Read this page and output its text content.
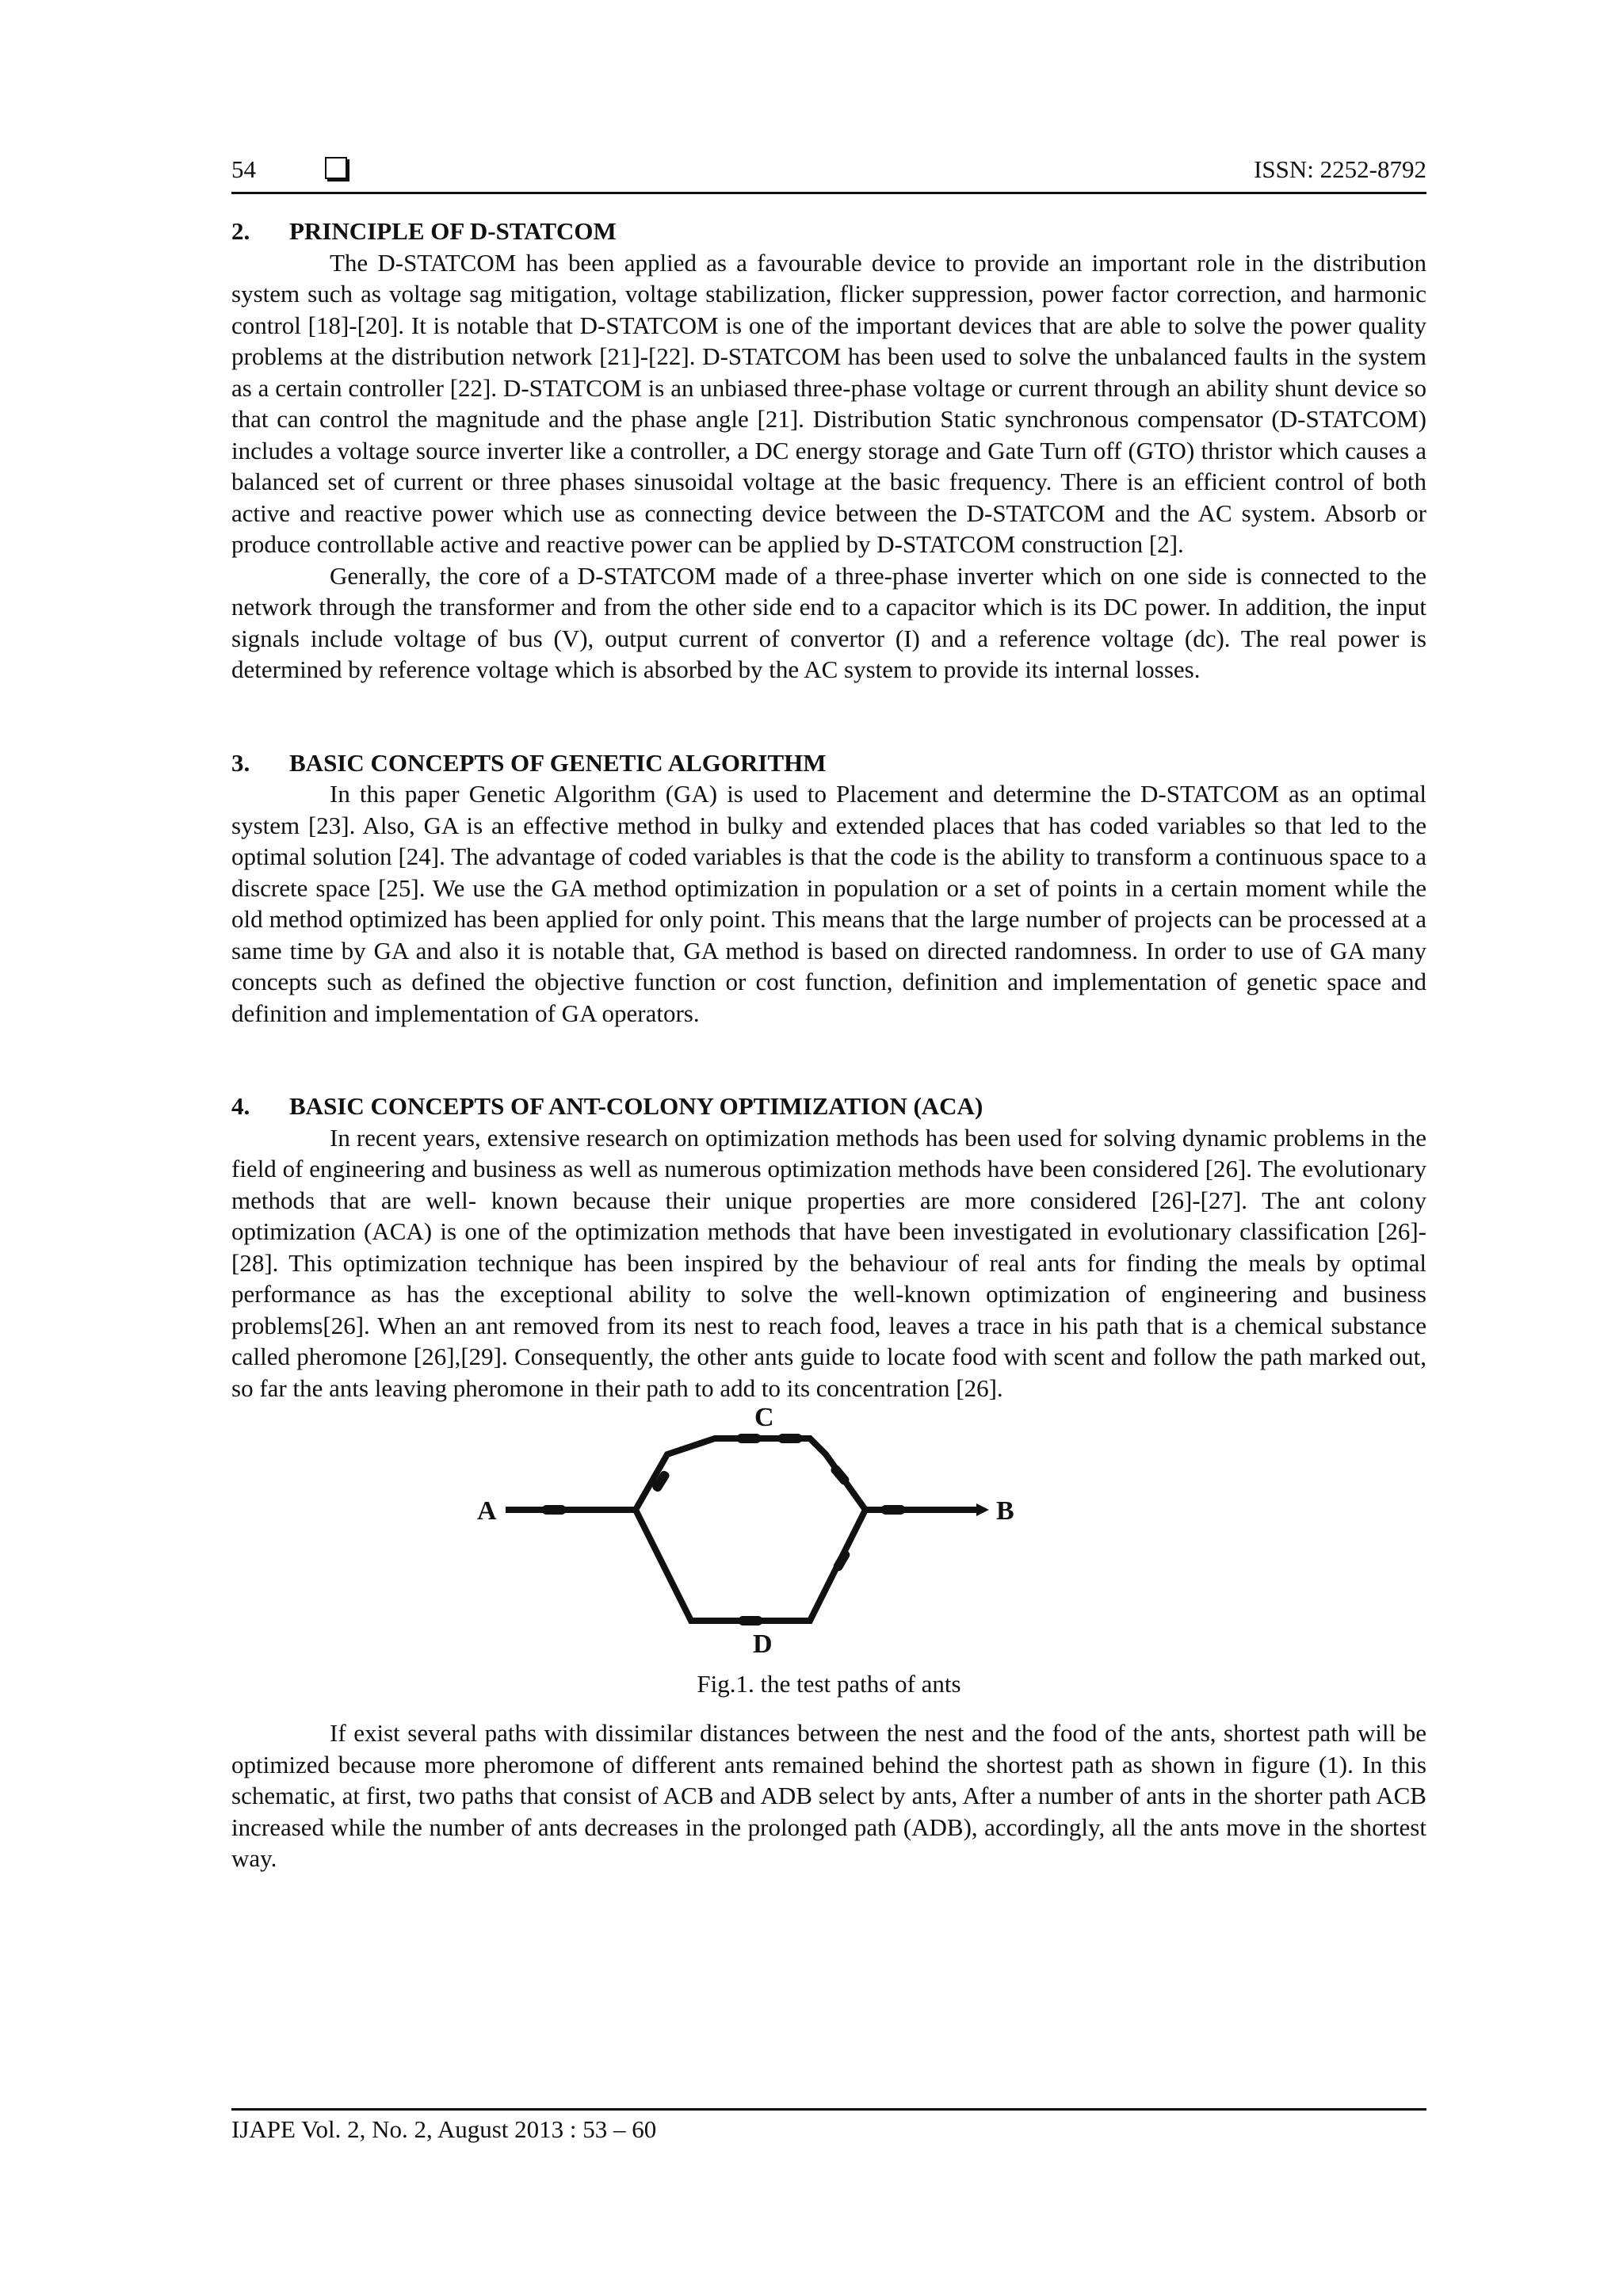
54	ISSN: 2252-8792
2. PRINCIPLE OF D-STATCOM

The D-STATCOM has been applied as a favourable device to provide an important role in the distribution system such as voltage sag mitigation, voltage stabilization, flicker suppression, power factor correction, and harmonic control [18]-[20]. It is notable that D-STATCOM is one of the important devices that are able to solve the power quality problems at the distribution network [21]-[22]. D-STATCOM has been used to solve the unbalanced faults in the system as a certain controller [22]. D-STATCOM is an unbiased three-phase voltage or current through an ability shunt device so that can control the magnitude and the phase angle [21]. Distribution Static synchronous compensator (D-STATCOM) includes a voltage source inverter like a controller, a DC energy storage and Gate Turn off (GTO) thristor which causes a balanced set of current or three phases sinusoidal voltage at the basic frequency. There is an efficient control of both active and reactive power which use as connecting device between the D-STATCOM and the AC system. Absorb or produce controllable active and reactive power can be applied by D-STATCOM construction [2].

Generally, the core of a D-STATCOM made of a three-phase inverter which on one side is connected to the network through the transformer and from the other side end to a capacitor which is its DC power. In addition, the input signals include voltage of bus (V), output current of convertor (I) and a reference voltage (dc). The real power is determined by reference voltage which is absorbed by the AC system to provide its internal losses.

3. BASIC CONCEPTS OF GENETIC ALGORITHM

In this paper Genetic Algorithm (GA) is used to Placement and determine the D-STATCOM as an optimal system [23]. Also, GA is an effective method in bulky and extended places that has coded variables so that led to the optimal solution [24]. The advantage of coded variables is that the code is the ability to transform a continuous space to a discrete space [25]. We use the GA method optimization in population or a set of points in a certain moment while the old method optimized has been applied for only point. This means that the large number of projects can be processed at a same time by GA and also it is notable that, GA method is based on directed randomness. In order to use of GA many concepts such as defined the objective function or cost function, definition and implementation of genetic space and definition and implementation of GA operators.

4. BASIC CONCEPTS OF ANT-COLONY OPTIMIZATION (ACA)

In recent years, extensive research on optimization methods has been used for solving dynamic problems in the field of engineering and business as well as numerous optimization methods have been considered [26]. The evolutionary methods that are well- known because their unique properties are more considered [26]-[27]. The ant colony optimization (ACA) is one of the optimization methods that have been investigated in evolutionary classification [26]-[28]. This optimization technique has been inspired by the behaviour of real ants for finding the meals by optimal performance as has the exceptional ability to solve the well-known optimization of engineering and business problems[26]. When an ant removed from its nest to reach food, leaves a trace in his path that is a chemical substance called pheromone [26],[29]. Consequently, the other ants guide to locate food with scent and follow the path marked out, so far the ants leaving pheromone in their path to add to its concentration [26].

A	B
C
D
Fig.1. the test paths of ants

If exist several paths with dissimilar distances between the nest and the food of the ants, shortest path will be optimized because more pheromone of different ants remained behind the shortest path as shown in figure (1). In this schematic, at first, two paths that consist of ACB and ADB select by ants, After a number of ants in the shorter path ACB increased while the number of ants decreases in the prolonged path (ADB), accordingly, all the ants move in the shortest way.

IJAPE Vol. 2, No. 2, August 2013 : 53 – 60
